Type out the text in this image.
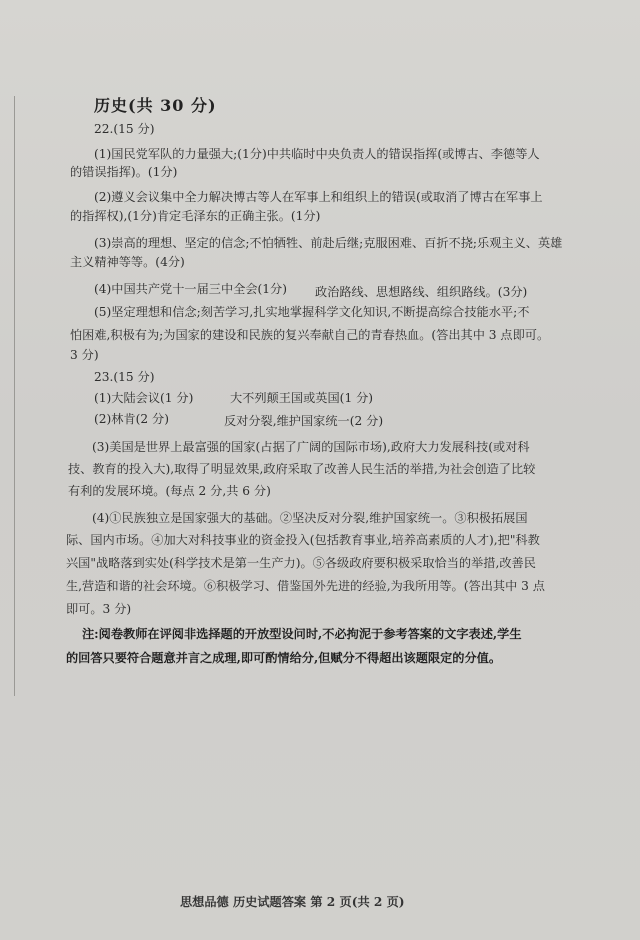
历史(共 30 分)
22.(15 分)
(1)国民党军队的力量强大;(1分)中共临时中央负责人的错误指挥(或博古、李德等人
的错误指挥)。(1分)
(2)遵义会议集中全力解决博古等人在军事上和组织上的错误(或取消了博古在军事上
的指挥权),(1分)肯定毛泽东的正确主张。(1分)
(3)崇高的理想、坚定的信念;不怕牺牲、前赴后继;克服困难、百折不挠;乐观主义、英雄
主义精神等等。(4分)
(4)中国共产党十一届三中全会(1分) 政治路线、思想路线、组织路线。(3分)
(5)坚定理想和信念;刻苦学习,扎实地掌握科学文化知识,不断提高综合技能水平;不
怕困难,积极有为;为国家的建设和民族的复兴奉献自己的青春热血。(答出其中 3 点即可。
3 分)
23.(15 分)
(1)大陆会议(1 分)	大不列颠王国或英国(1 分)
(2)林肯(2 分)	反对分裂,维护国家统一(2 分)
(3)美国是世界上最富强的国家(占据了广阔的国际市场),政府大力发展科技(或对科
技、教育的投入大),取得了明显效果,政府采取了改善人民生活的举措,为社会创造了比较
有利的发展环境。(每点 2 分,共 6 分)
(4)①民族独立是国家强大的基础。②坚决反对分裂,维护国家统一。③积极拓展国
际、国内市场。④加大对科技事业的资金投入(包括教育事业,培养高素质的人才),把"科教
兴国"战略落到实处(科学技术是第一生产力)。⑤各级政府要积极采取恰当的举措,改善民
生,营造和谐的社会环境。⑥积极学习、借鉴国外先进的经验,为我所用等。(答出其中 3 点
即可。3 分)
注:阅卷教师在评阅非选择题的开放型设问时,不必拘泥于参考答案的文字表述,学生
的回答只要符合题意并言之成理,即可酌情给分,但赋分不得超出该题限定的分值。
思想品德 历史试题答案 第 2 页(共 2 页)
